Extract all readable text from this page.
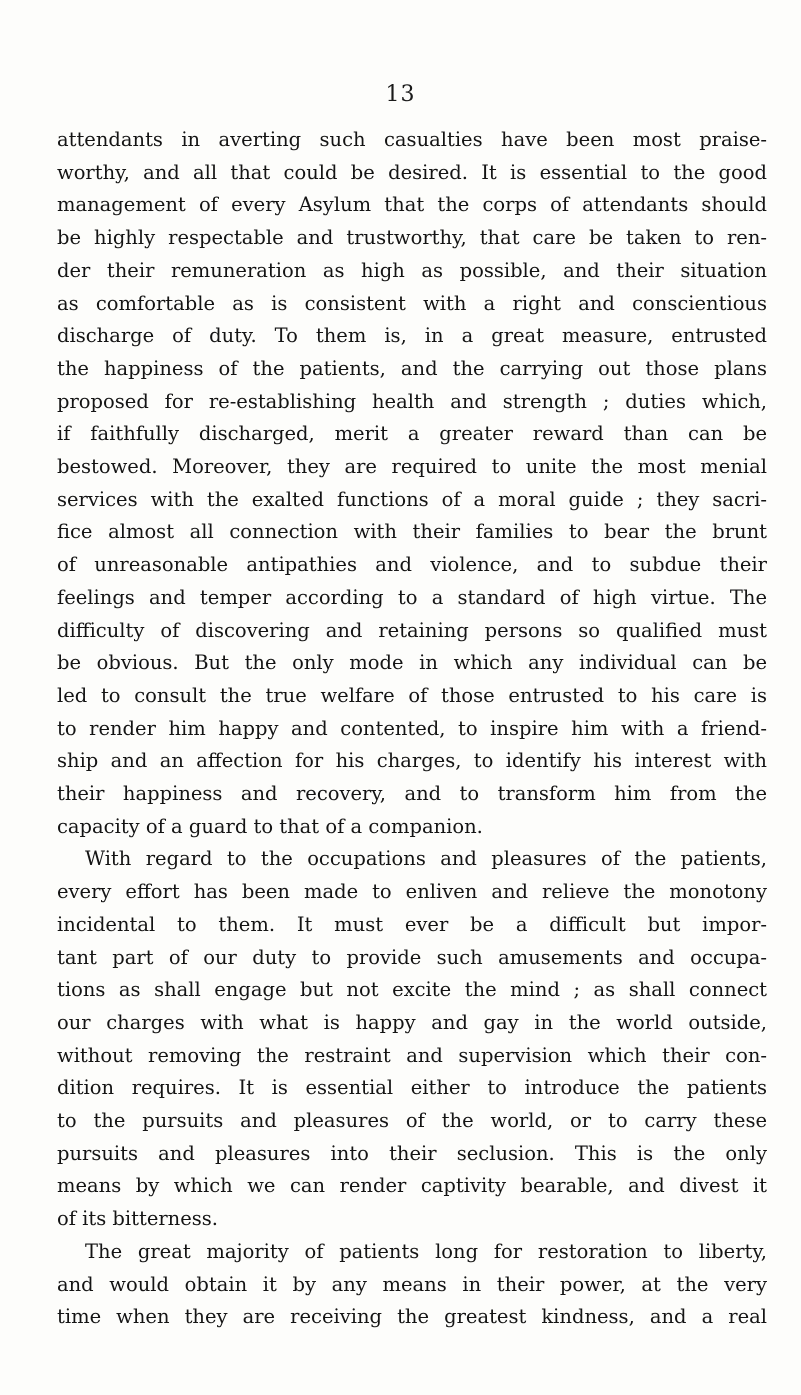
13
attendants in averting such casualties have been most praise-
worthy, and all that could be desired. It is essential to the good
management of every Asylum that the corps of attendants should
be highly respectable and trustworthy, that care be taken to ren-
der their remuneration as high as possible, and their situation
as comfortable as is consistent with a right and conscientious
discharge of duty. To them is, in a great measure, entrusted
the happiness of the patients, and the carrying out those plans
proposed for re-establishing health and strength ; duties which,
if faithfully discharged, merit a greater reward than can be
bestowed. Moreover, they are required to unite the most menial
services with the exalted functions of a moral guide ; they sacri-
fice almost all connection with their families to bear the brunt
of unreasonable antipathies and violence, and to subdue their
feelings and temper according to a standard of high virtue. The
difficulty of discovering and retaining persons so qualified must
be obvious. But the only mode in which any individual can be
led to consult the true welfare of those entrusted to his care is
to render him happy and contented, to inspire him with a friend-
ship and an affection for his charges, to identify his interest with
their happiness and recovery, and to transform him from the
capacity of a guard to that of a companion.
With regard to the occupations and pleasures of the patients,
every effort has been made to enliven and relieve the monotony
incidental to them. It must ever be a difficult but impor-
tant part of our duty to provide such amusements and occupa-
tions as shall engage but not excite the mind ; as shall connect
our charges with what is happy and gay in the world outside,
without removing the restraint and supervision which their con-
dition requires. It is essential either to introduce the patients
to the pursuits and pleasures of the world, or to carry these
pursuits and pleasures into their seclusion. This is the only
means by which we can render captivity bearable, and divest it
of its bitterness.
The great majority of patients long for restoration to liberty,
and would obtain it by any means in their power, at the very
time when they are receiving the greatest kindness, and a real
